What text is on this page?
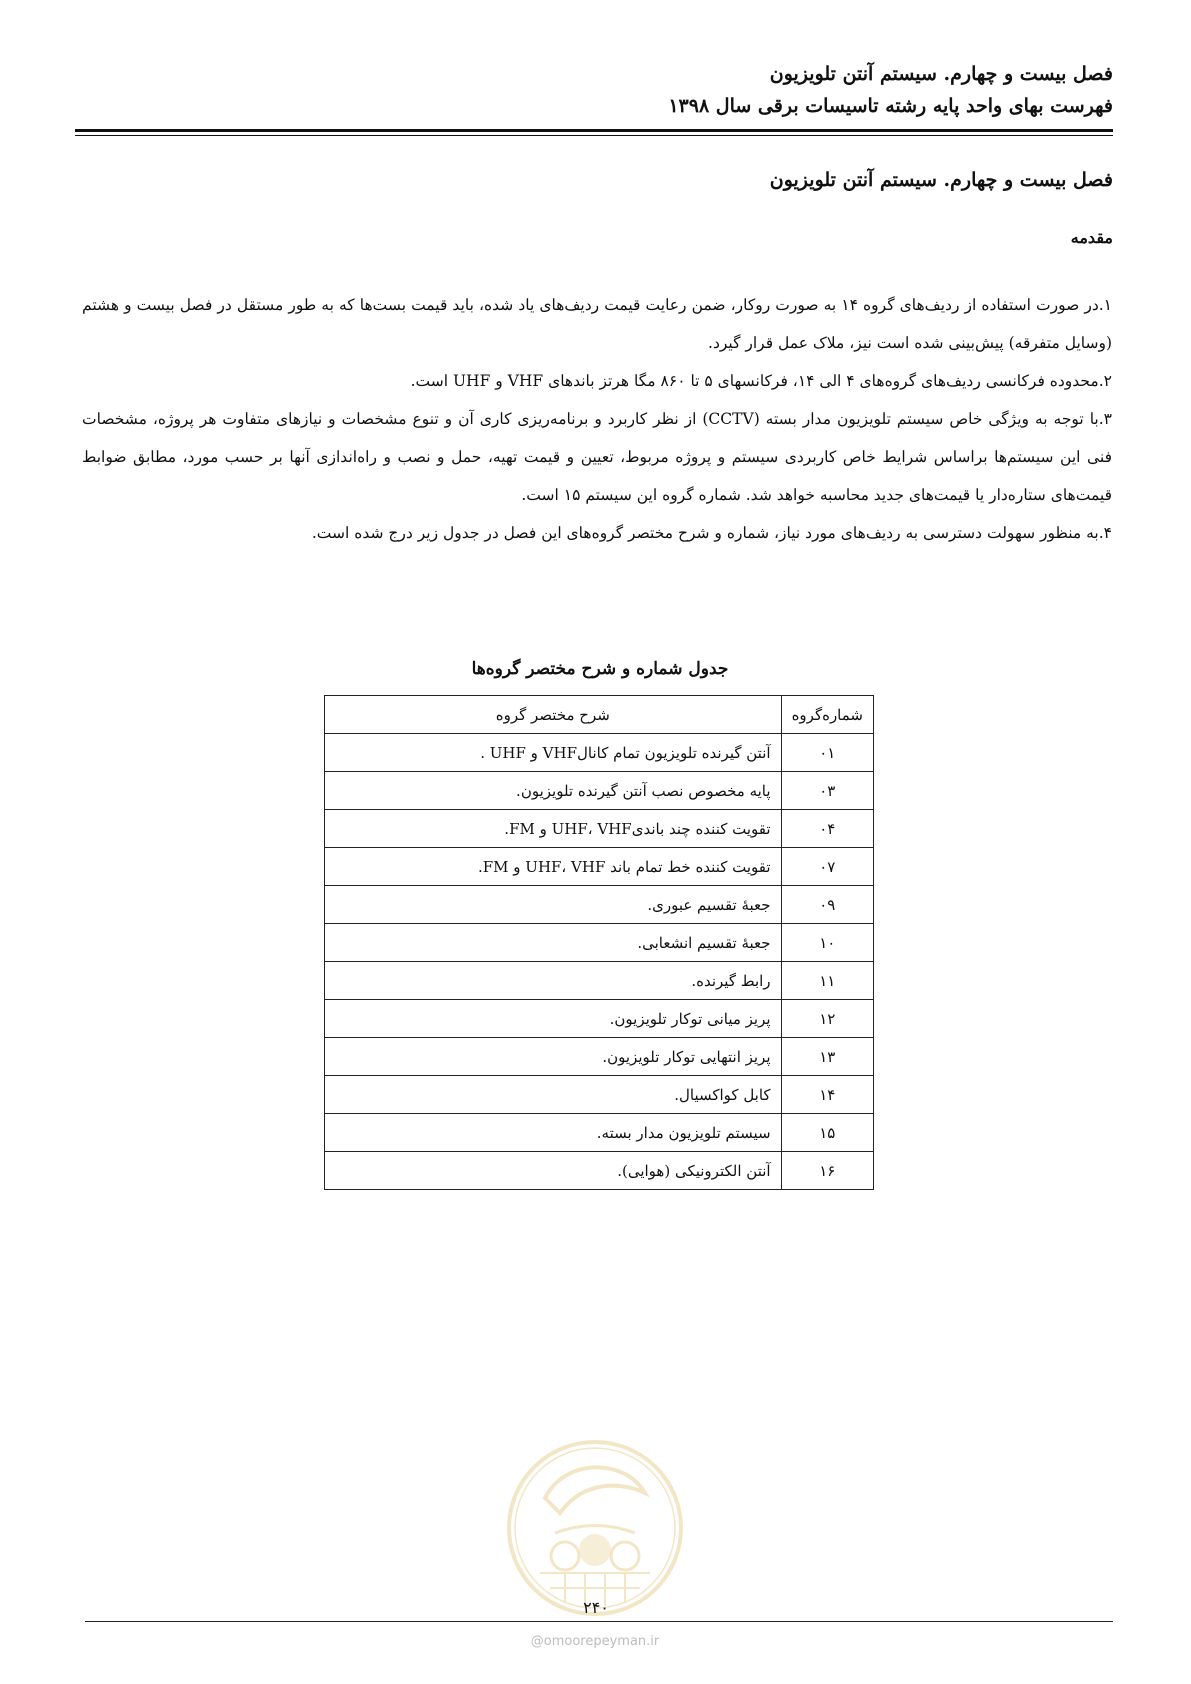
فصل بیست و چهارم. سیستم آنتن تلویزیون
فهرست بهای واحد پایه رشته تاسیسات برقی سال ۱۳۹۸
فصل بیست و چهارم. سیستم آنتن تلویزیون
مقدمه

۱.در صورت استفاده از ردیف‌های گروه ۱۴ به صورت روکار، ضمن رعایت قیمت ردیف‌های یاد شده، باید قیمت بست‌ها که به طور مستقل در فصل بیست و هشتم (وسایل متفرقه) پیش‌بینی شده است نیز، ملاک عمل قرار گیرد.

۲.محدوده فرکانسی ردیف‌های گروه‌های ۴ الی ۱۴، فرکانسهای ۵ تا ۸۶۰ مگا هرتز باندهای VHF و UHF است.

۳.با توجه به ویژگی خاص سیستم تلویزیون مدار بسته (CCTV) از نظر کاربرد و برنامه‌ریزی کاری آن و تنوع مشخصات و نیازهای متفاوت هر پروژه، مشخصات فنی این سیستم‌ها براساس شرایط خاص کاربردی سیستم و پروژه مربوط، تعیین و قیمت تهیه، حمل و نصب و راه‌اندازی آنها بر حسب مورد، مطابق ضوابط قیمت‌های ستاره‌دار یا قیمت‌های جدید محاسبه خواهد شد. شماره گروه این سیستم ۱۵ است.

۴.به منظور سهولت دسترسی به ردیف‌های مورد نیاز، شماره و شرح مختصر گروه‌های این فصل در جدول زیر درج شده است.

جدول شماره و شرح مختصر گروه‌ها
شماره‌گروه	شرح مختصر گروه
۰۱	آنتن گیرنده تلویزیون تمام کانالVHF و UHF .
۰۳	پایه مخصوص نصب آنتن گیرنده تلویزیون.
۰۴	تقویت کننده چند باندیUHF، VHF و FM.
۰۷	تقویت کننده خط تمام باند UHF، VHF و FM.
۰۹	جعبهٔ تقسیم عبوری.
۱۰	جعبهٔ تقسیم انشعابی.
۱۱	رابط گیرنده.
۱۲	پریز میانی توکار تلویزیون.
۱۳	پریز انتهایی توکار تلویزیون.
۱۴	کابل کواکسیال.
۱۵	سیستم تلویزیون مدار بسته.
۱۶	آنتن الکترونیکی (هوایی).
۲۴۰
@omoorepeyman.ir
